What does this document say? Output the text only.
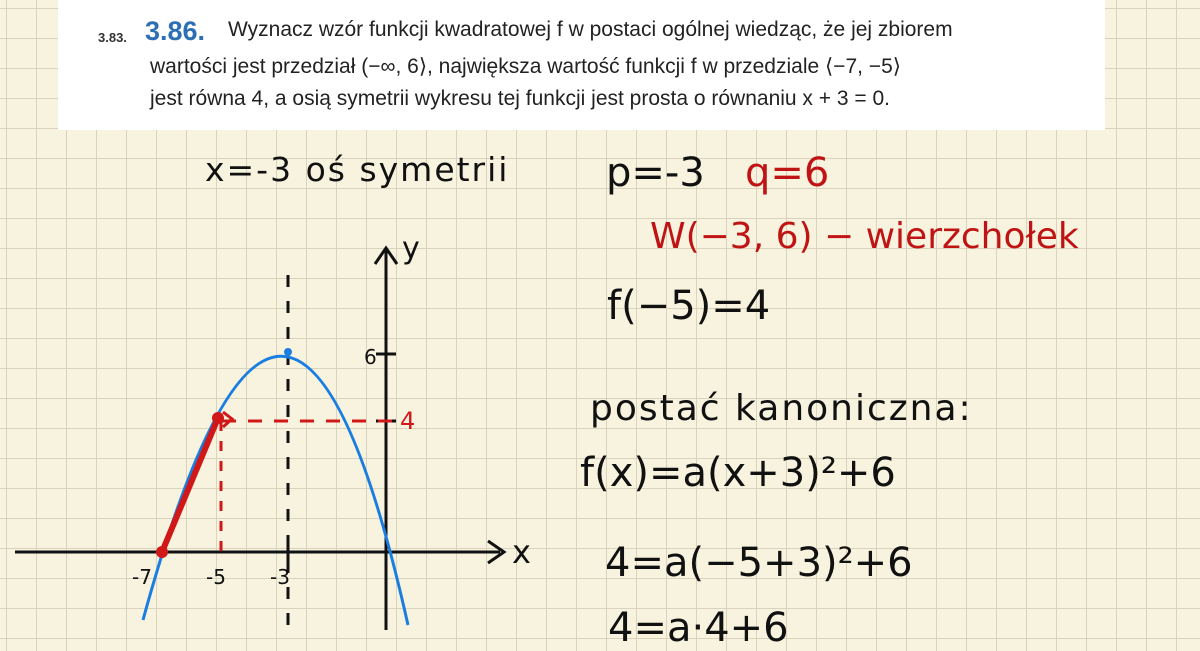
3.83. 3.86. Wyznacz wzór funkcji kwadratowej f w postaci ogólnej wiedząc, że jej zbiorem
wartości jest przedział (−∞, 6⟩, największa wartość funkcji f w przedziale ⟨−7, −5⟩
jest równa 4, a osią symetrii wykresu tej funkcji jest prosta o równaniu x + 3 = 0.
x
y
-7	-5 -3
6
4
x=-3 oś symetrii p=-3 q=6
W(−3, 6) − wierzchołek
f(−5)=4
postać kanoniczna:
f(x)=a(x+3)²+6
4=a(−5+3)²+6
4=a·4+6
